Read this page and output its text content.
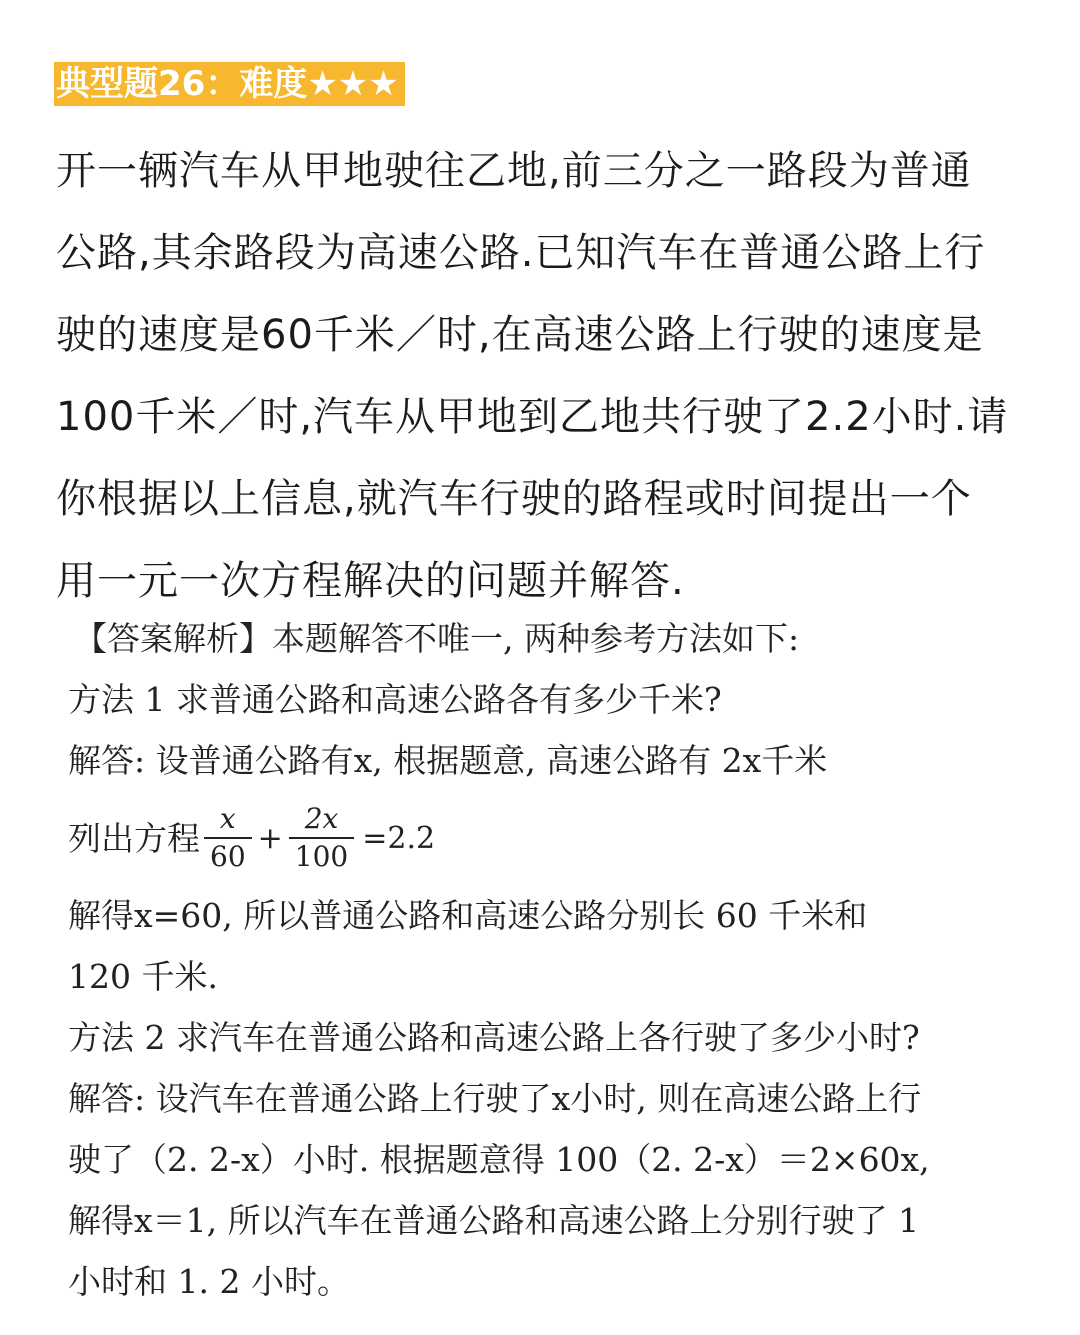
典型题26：难度★★★

开一辆汽车从甲地驶往乙地,前三分之一路段为普通

公路,其余路段为高速公路.已知汽车在普通公路上行

驶的速度是60千米／时,在高速公路上行驶的速度是

100千米／时,汽车从甲地到乙地共行驶了2.2小时.请

你根据以上信息,就汽车行驶的路程或时间提出一个

用一元一次方程解决的问题并解答.

【答案解析】本题解答不唯一, 两种参考方法如下:
方法 1 求普通公路和高速公路各有多少千米?
解答: 设普通公路有x, 根据题意, 高速公路有 2x千米
列出方程 $\frac{x}{60} + \frac{2x}{100} =2.2$
解得x=60, 所以普通公路和高速公路分别长 60 千米和
120 千米.
方法 2 求汽车在普通公路和高速公路上各行驶了多少小时?
解答: 设汽车在普通公路上行驶了x小时, 则在高速公路上行
驶了（2. 2-x）小时. 根据题意得 100（2. 2-x）＝2×60x,
解得x＝1, 所以汽车在普通公路和高速公路上分别行驶了 1
小时和 1. 2 小时。
